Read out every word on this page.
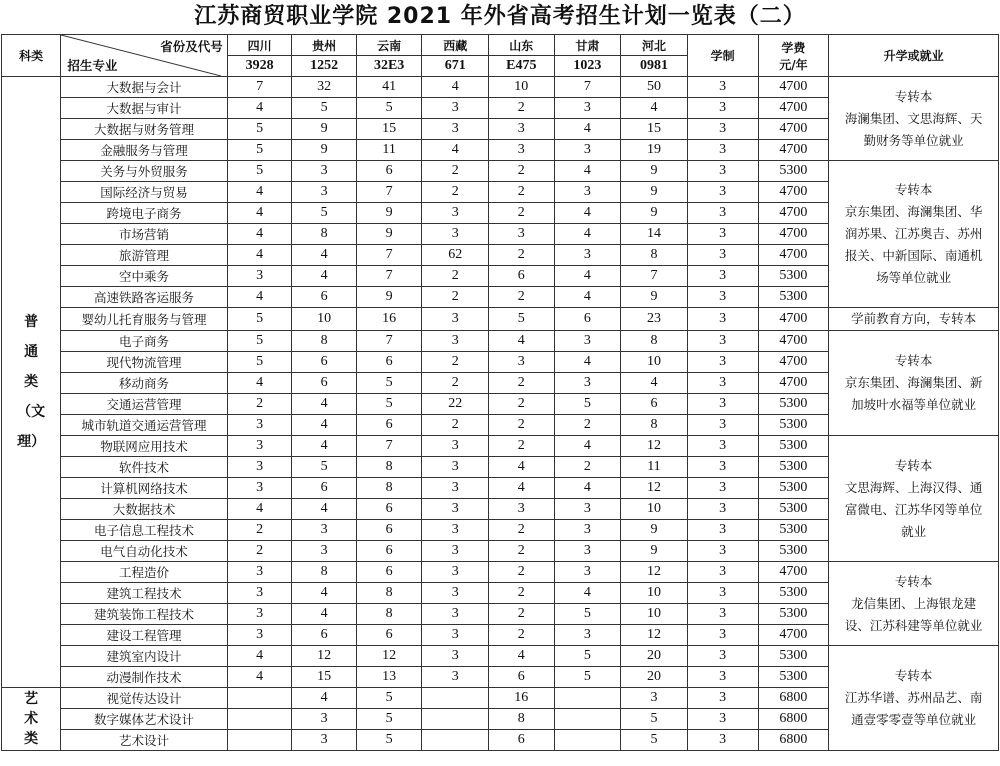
江苏商贸职业学院 2021 年外省高考招生计划一览表（二）
科类	省份及代号
招生专业	四川	贵州	云南	西藏	山东	甘肃	河北	学制	学费
元/年	升学或就业
		3928	1252	32E3	671	E475	1023	0981			

普
通
类
（文
理）	大数据与会计	7	32	41	4	10	7	50	3	4700	专转本
海澜集团、文思海辉、天
勤财务等单位就业

	大数据与审计	4	5	5	3	2	3	4	3	4700	
	大数据与财务管理	5	9	15	3	3	4	15	3	4700	
	金融服务与管理	5	9	11	4	3	3	19	3	4700	
	关务与外贸服务	5	3	6	2	2	4	9	3	5300	专转本
京东集团、海澜集团、华
润苏果、江苏奥吉、苏州
报关、中新国际、南通机
场等单位就业

	国际经济与贸易	4	3	7	2	2	3	9	3	4700	
	跨境电子商务	4	5	9	3	2	4	9	3	4700	
	市场营销	4	8	9	3	3	4	14	3	4700	
	旅游管理	4	4	7	62	2	3	8	3	4700	
	空中乘务	3	4	7	2	6	4	7	3	5300	
	高速铁路客运服务	4	6	9	2	2	4	9	3	5300	
	婴幼儿托育服务与管理	5	10	16	3	5	6	23	3	4700	学前教育方向，专转本

	电子商务	5	8	7	3	4	3	8	3	4700	专转本
京东集团、海澜集团、新
加坡叶水福等单位就业

	现代物流管理	5	6	6	2	3	4	10	3	4700	
	移动商务	4	6	5	2	2	3	4	3	4700	
	交通运营管理	2	4	5	22	2	5	6	3	5300	
	城市轨道交通运营管理	3	4	6	2	2	2	8	3	5300	
	物联网应用技术	3	4	7	3	2	4	12	3	5300	专转本
文思海辉、上海汉得、通
富微电、江苏华冈等单位
就业

	软件技术	3	5	8	3	4	2	11	3	5300	
	计算机网络技术	3	6	8	3	4	4	12	3	5300	
	大数据技术	4	4	6	3	3	3	10	3	5300	
	电子信息工程技术	2	3	6	3	2	3	9	3	5300	
	电气自动化技术	2	3	6	3	2	3	9	3	5300	
	工程造价	3	8	6	3	2	3	12	3	4700	专转本
龙信集团、上海银龙建
设、江苏科建等单位就业

	建筑工程技术	3	4	8	3	2	4	10	3	5300	
	建筑装饰工程技术	3	4	8	3	2	5	10	3	5300	
	建设工程管理	3	6	6	3	2	3	12	3	4700	
	建筑室内设计	4	12	12	3	4	5	20	3	5300	专转本
江苏华谱、苏州品艺、南
通壹零零壹等单位就业

	动漫制作技术	4	15	13	3	6	5	20	3	5300	

艺
术
类	视觉传达设计		4	5		16		3	3	6800	
	数字媒体艺术设计		3	5		8		5	3	6800	
	艺术设计		3	5		6		5	3	6800	
